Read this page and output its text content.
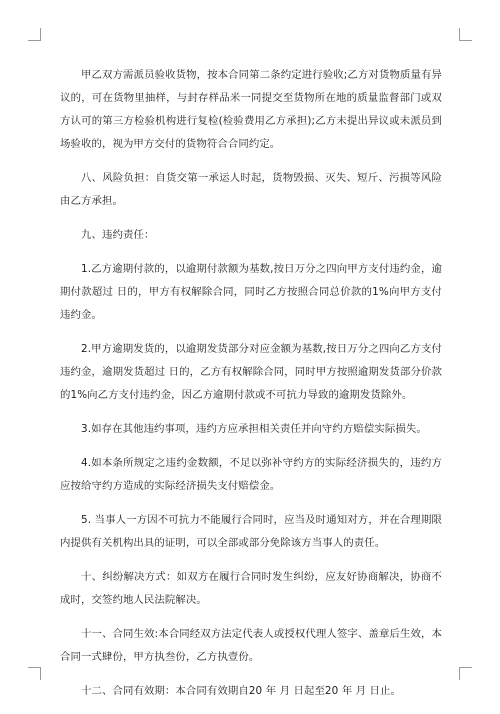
甲乙双方需派员验收货物，按本合同第二条约定进行验收;乙方对货物质量有异议的，可在货物里抽样，与封存样品米一同提交至货物所在地的质量监督部门或双方认可的第三方检验机构进行复检(检验费用乙方承担);乙方未提出异议或未派员到场验收的，视为甲方交付的货物符合合同约定。

八、风险负担：自货交第一承运人时起，货物毁损、灭失、短斤、污损等风险由乙方承担。

九、违约责任：

1.乙方逾期付款的，以逾期付款额为基数,按日万分之四向甲方支付违约金，逾期付款超过 日的，甲方有权解除合同，同时乙方按照合同总价款的1%向甲方支付违约金。

2.甲方逾期发货的，以逾期发货部分对应金额为基数,按日万分之四向乙方支付违约金，逾期发货超过 日的，乙方有权解除合同，同时甲方按照逾期发货部分价款的1%向乙方支付违约金，因乙方逾期付款或不可抗力导致的逾期发货除外。

3.如存在其他违约事项，违约方应承担相关责任并向守约方赔偿实际损失。

4.如本条所规定之违约金数额，不足以弥补守约方的实际经济损失的，违约方应按给守约方造成的实际经济损失支付赔偿金。

5. 当事人一方因不可抗力不能履行合同时，应当及时通知对方，并在合理期限内提供有关机构出具的证明，可以全部或部分免除该方当事人的责任。

十、纠纷解决方式：如双方在履行合同时发生纠纷，应友好协商解决，协商不成时，交签约地人民法院解决。

十一、合同生效:本合同经双方法定代表人或授权代理人签字、盖章后生效，本合同一式肆份，甲方执叁份，乙方执壹份。

十二、合同有效期：本合同有效期自20 年 月 日起至20 年 月 日止。
